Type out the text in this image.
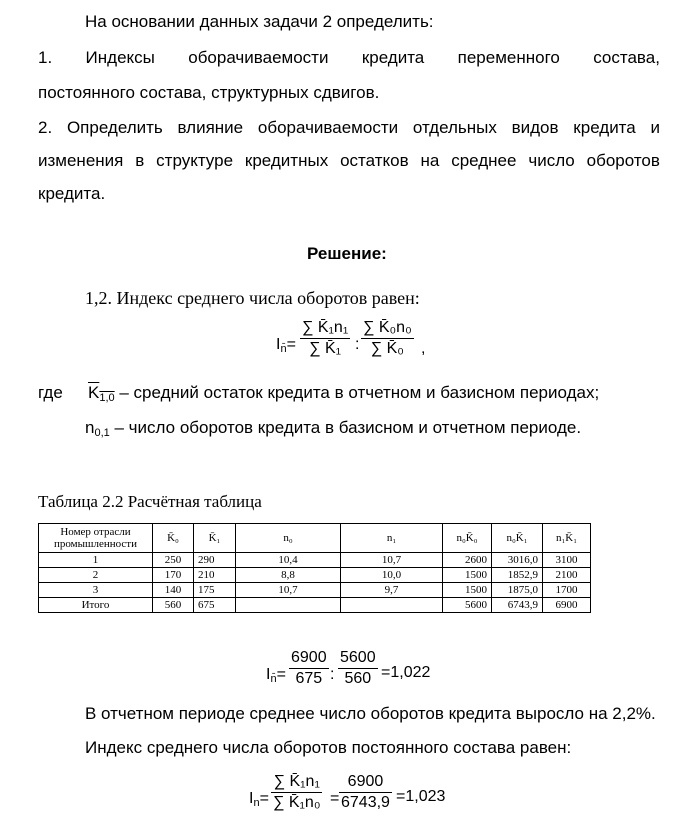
На основании данных задачи 2 определить:
1. Индексы оборачиваемости кредита переменного состава,
постоянного состава, структурных сдвигов.
2. Определить влияние оборачиваемости отдельных видов кредита и
изменения в структуре кредитных остатков на среднее число оборотов
кредита.
Решение:
1,2. Индекс среднего числа оборотов равен:
$I_{n̄}=$
∑ K̄₁n₁
∑ K̄₁ :
∑ K̄₀n₀
∑ K̄₀ ,
где $K_{1,0}$ – средний остаток кредита в отчетном и базисном периодах;
$n_{0,1}$ – число оборотов кредита в базисном и отчетном периоде.
Таблица 2.2 Расчётная таблица
Номер отрасли промышленности	K̄₀	K̄₁	n₀	n₁	n₀K̄₀	n₀K̄₁	n₁K̄₁
1	250	290	10,4	10,7	2600	3016,0	3100
2	170	210	8,8	10,0	1500	1852,9	2100
3	140	175	10,7	9,7	1500	1875,0	1700
Итого	560	675			5600	6743,9	6900
$I_{n̄}=$
6900
675 :
5600
560 =1,022
В отчетном периоде среднее число оборотов кредита выросло на 2,2%.
Индекс среднего числа оборотов постоянного состава равен:
$I_n=$
∑ K̄₁n₁
∑ K̄₁n₀ =
6900
6743,9 =1,023
